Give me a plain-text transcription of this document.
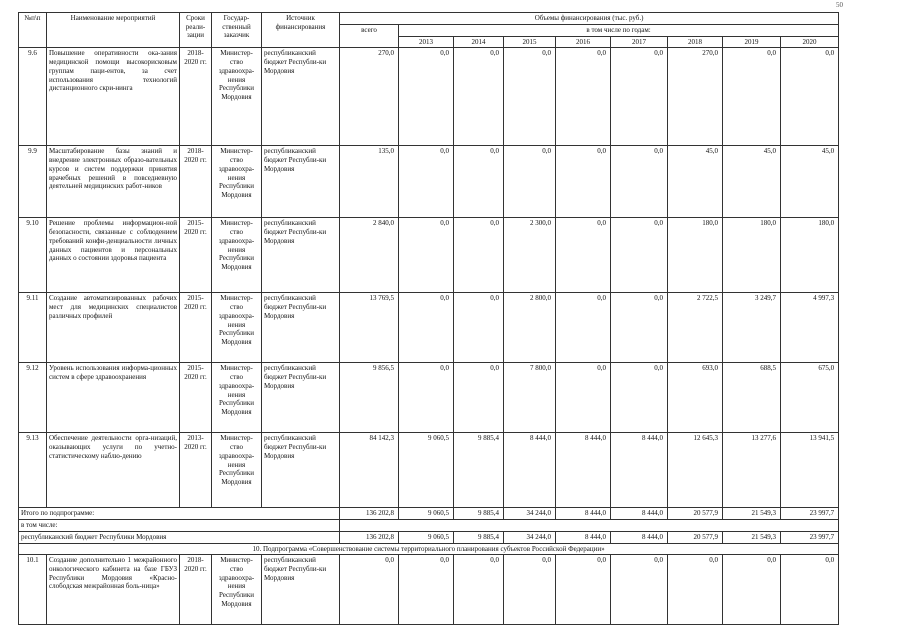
50
№п\п	Наименование мероприятий	Сроки реали-зации	Государ-ственный заказчик	Источник финансирования	Объемы финансирования (тыс. руб.)								
					всего	в том числе по годам:							
						2013	2014	2015	2016	2017	2018	2019	2020
9.6	Повышение оперативности ока-зания медицинской помощи высокорисковым группам паци-ентов, за счет использования технологий дистанционного скри-нинга	2018-2020 гг.	Министер-ство здравоохра-нения Республики Мордовия	республиканский бюджет Республи-ки Мордовия	270,0	0,0	0,0	0,0	0,0	0,0	270,0	0,0	0,0
9.9	Масштабирование базы знаний и внедрение электронных образо-вательных курсов и систем поддержки принятия врачебных решений в повседневную деятельней медицинских работ-ников	2018-2020 гг.	Министер-ство здравоохра-нения Республики Мордовия	республиканский бюджет Республи-ки Мордовия	135,0	0,0	0,0	0,0	0,0	0,0	45,0	45,0	45,0
9.10	Решение проблемы информацион-ной безопасности, связанные с соблюдением требований конфи-денциальности личных данных пациентов и персональных данных о состоянии здоровья пациента	2015-2020 гг.	Министер-ство здравоохра-нения Республики Мордовия	республиканский бюджет Республи-ки Мордовия	2 840,0	0,0	0,0	2 300,0	0,0	0,0	180,0	180,0	180,0
9.11	Создание автоматизированных рабочих мест для медицинских специалистов различных профилей	2015-2020 гг.	Министер-ство здравоохра-нения Республики Мордовия	республиканский бюджет Республи-ки Мордовия	13 769,5	0,0	0,0	2 800,0	0,0	0,0	2 722,5	3 249,7	4 997,3
9.12	Уровень использования информа-ционных систем в сфере здравоохранения	2015-2020 гг.	Министер-ство здравоохра-нения Республики Мордовия	республиканский бюджет Республи-ки Мордовия	9 856,5	0,0	0,0	7 800,0	0,0	0,0	693,0	688,5	675,0
9.13	Обеспечение деятельности орга-низаций, оказывающих услуги по учетно-статистическому наблю-дению	2013-2020 гг.	Министер-ство здравоохра-нения Республики Мордовия	республиканский бюджет Республи-ки Мордовия	84 142,3	9 060,5	9 885,4	8 444,0	8 444,0	8 444,0	12 645,3	13 277,6	13 941,5
Итого по подпрограмме:					136 202,8	9 060,5	9 885,4	34 244,0	8 444,0	8 444,0	20 577,9	21 549,3	23 997,7
в том числе:													
республиканский бюджет Республики Мордовия					136 202,8	9 060,5	9 885,4	34 244,0	8 444,0	8 444,0	20 577,9	21 549,3	23 997,7
10. Подпрограмма «Совершенствование системы территориального планирования субъектов Российской Федерации»													
10.1	Создание дополнительно 1 межрайонного онкологического кабинета на базе ГБУЗ Республики Мордовия «Красно-слободская межрайонная боль-ница»	2018-2020 гг.	Министер-ство здравоохра-нения Республики Мордовия	республиканский бюджет Республи-ки Мордовия	0,0	0,0	0,0	0,0	0,0	0,0	0,0	0,0	0,0
